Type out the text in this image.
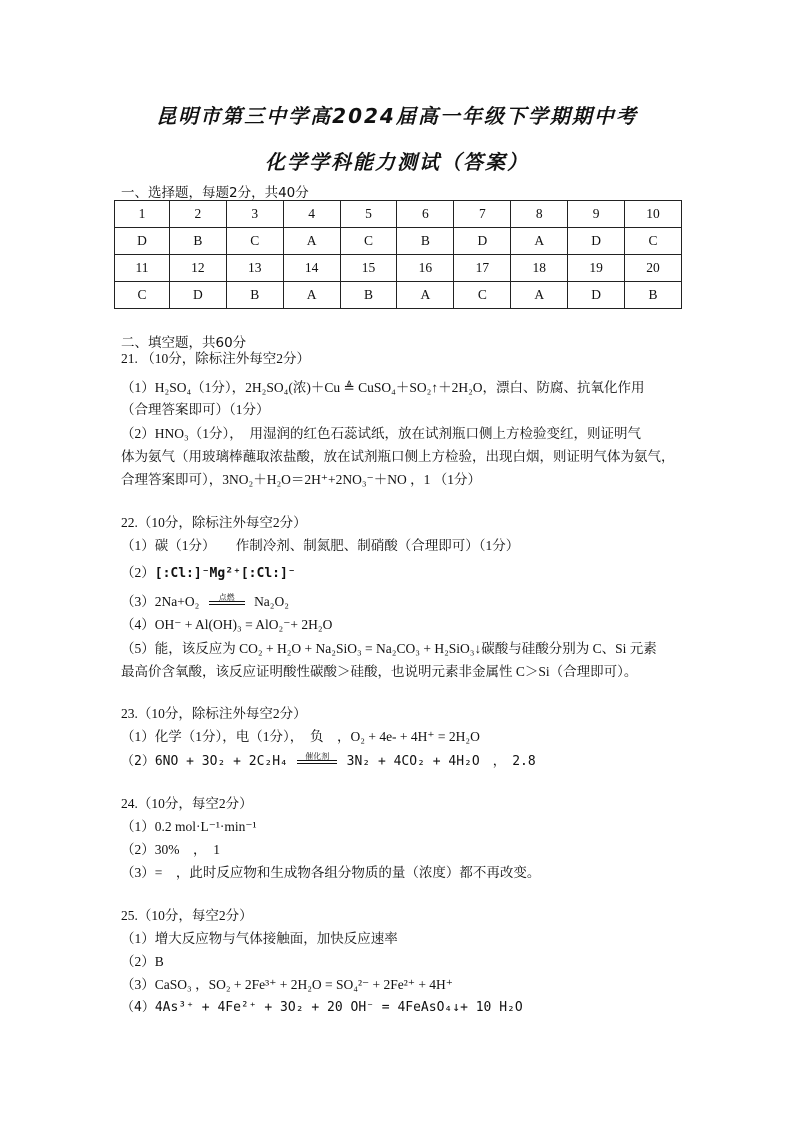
昆明市第三中学高2024届高一年级下学期期中考
化学学科能力测试（答案）
一、选择题，每题2分，共40分
1	2	3	4	5	6	7	8	9	10
D	B	C	A	C	B	D	A	D	C
11	12	13	14	15	16	17	18	19	20
C	D	B	A	B	A	C	A	D	B
二、填空题，共60分
21. （10分，除标注外每空2分）
（1）H₂SO₄（1分），2H₂SO₄(浓)＋Cu ≜ CuSO₄＋SO₂↑＋2H₂O，漂白、防腐、抗氧化作用
（合理答案即可）（1分）
（2）HNO₃（1分），　用湿润的红色石蕊试纸，放在试剂瓶口侧上方检验变红，则证明气
体为氨气（用玻璃棒蘸取浓盐酸，放在试剂瓶口侧上方检验，出现白烟，则证明气体为氨气，
合理答案即可），3NO₂＋H₂O＝2H⁺+2NO₃⁻＋NO ，1 （1分）
22.（10分，除标注外每空2分）
（1）碳（1分）　　作制冷剂、制氮肥、制硝酸（合理即可）（1分）
（2）[:Cl:]⁻Mg²⁺[:Cl:]⁻
（3）2Na+O₂	点燃	Na₂O₂
（4）OH⁻ + Al(OH)₃ = AlO₂⁻+ 2H₂O
（5）能，该反应为 CO₂ + H₂O + Na₂SiO₃ = Na₂CO₃ + H₂SiO₃↓碳酸与硅酸分别为 C、Si 元素
最高价含氧酸，该反应证明酸性碳酸＞硅酸，也说明元素非金属性 C＞Si（合理即可）。
23.（10分，除标注外每空2分）
（1）化学（1分），电（1分），　负　，O₂ + 4e- + 4H⁺ = 2H₂O
（2）6NO + 3O₂ + 2C₂H₄	催化剂	3N₂ + 4CO₂ + 4H₂O　，　2.8
24.（10分，每空2分）
（1）0.2 mol·L⁻¹·min⁻¹
（2）30%　，　1
（3）=　，此时反应物和生成物各组分物质的量（浓度）都不再改变。
25.（10分，每空2分）
（1）增大反应物与气体接触面，加快反应速率
（2）B
（3）CaSO₃ ，SO₂ + 2Fe³⁺ + 2H₂O = SO₄²⁻ + 2Fe²⁺ + 4H⁺
（4）4As³⁺ + 4Fe²⁺ + 3O₂ + 20 OH⁻ = 4FeAsO₄↓+ 10 H₂O
